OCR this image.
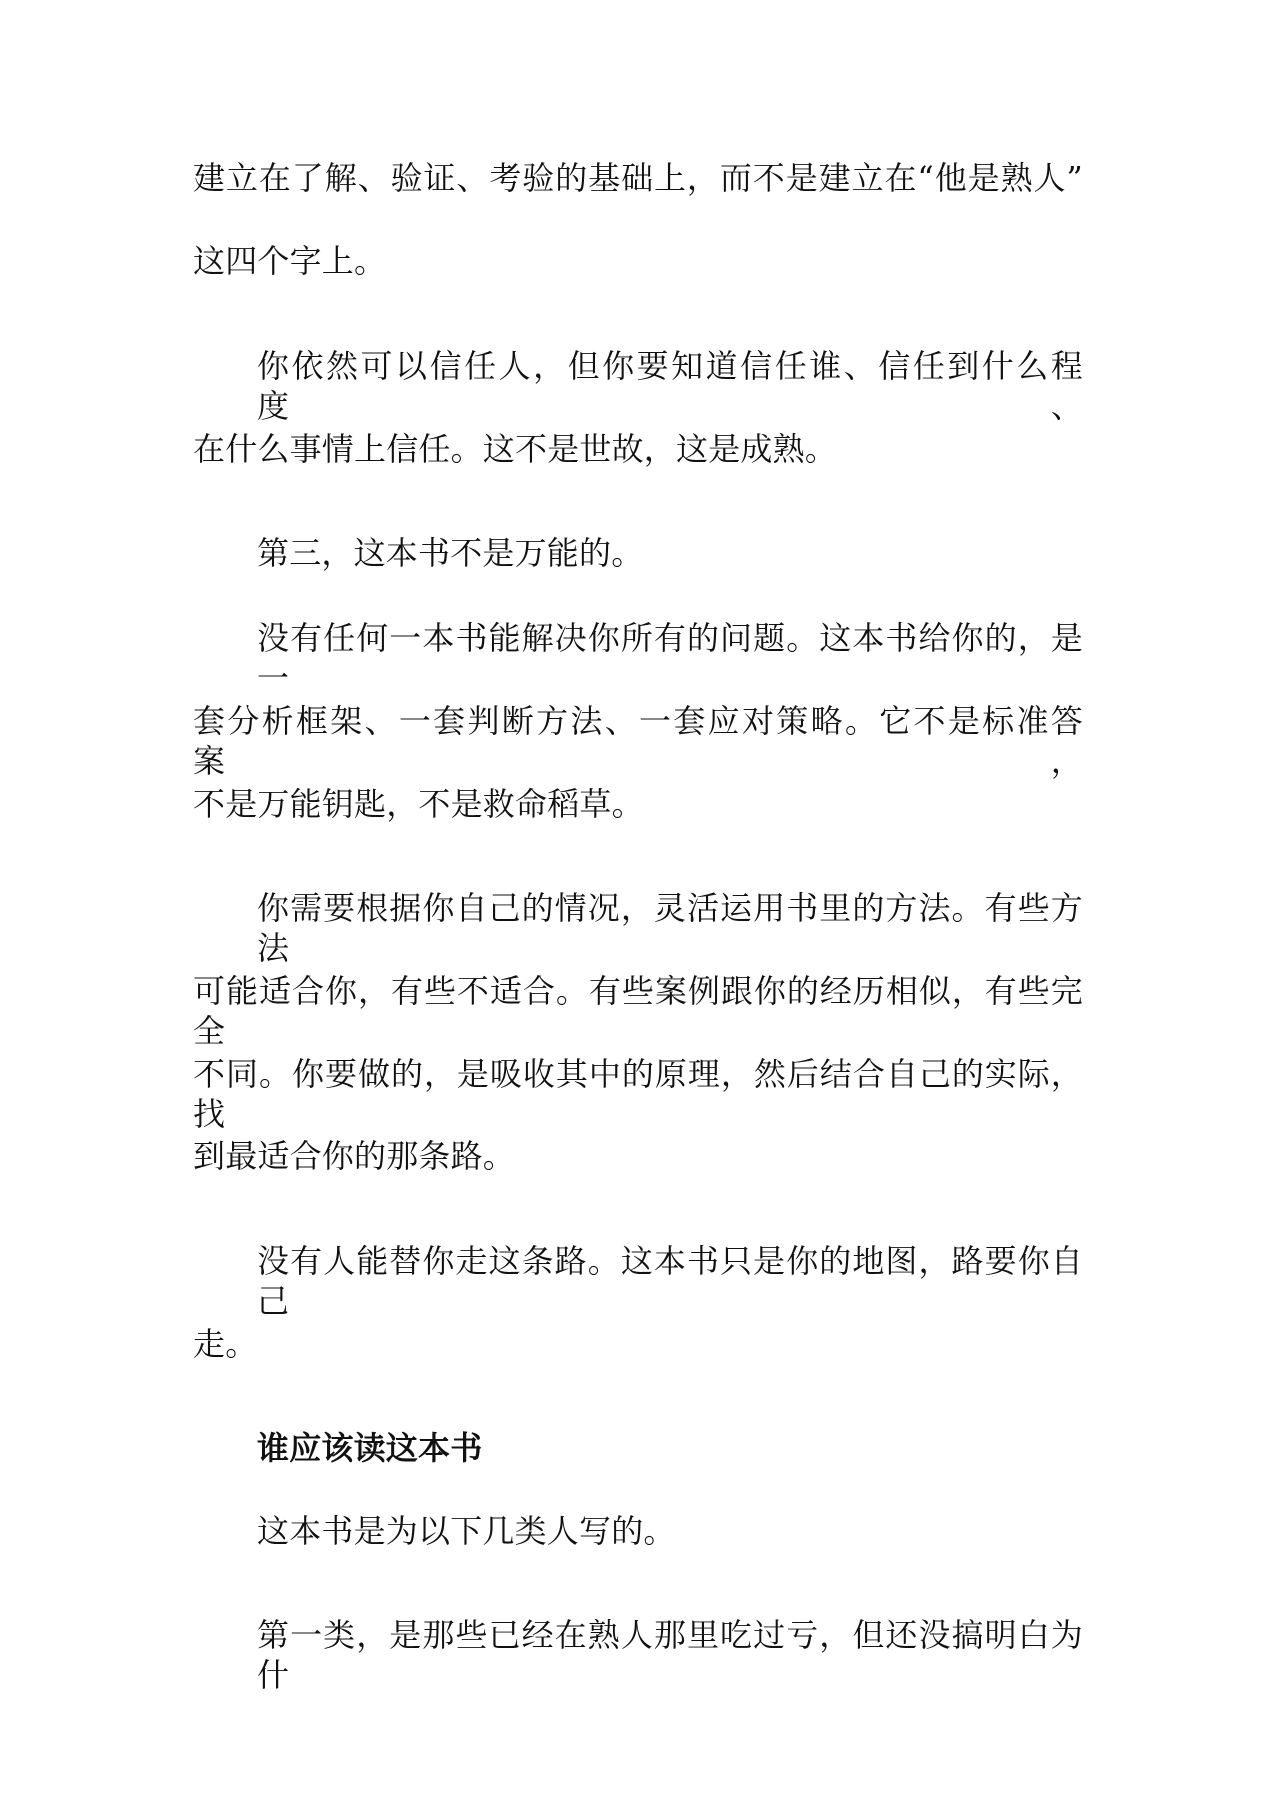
建立在了解、验证、考验的基础上，而不是建立在“他是熟人”
这四个字上。
你依然可以信任人，但你要知道信任谁、信任到什么程度、
在什么事情上信任。这不是世故，这是成熟。
第三，这本书不是万能的。
没有任何一本书能解决你所有的问题。这本书给你的，是一
套分析框架、一套判断方法、一套应对策略。它不是标准答案，
不是万能钥匙，不是救命稻草。
你需要根据你自己的情况，灵活运用书里的方法。有些方法
可能适合你，有些不适合。有些案例跟你的经历相似，有些完全
不同。你要做的，是吸收其中的原理，然后结合自己的实际，找
到最适合你的那条路。
没有人能替你走这条路。这本书只是你的地图，路要你自己
走。
谁应该读这本书
这本书是为以下几类人写的。
第一类，是那些已经在熟人那里吃过亏，但还没搞明白为什
